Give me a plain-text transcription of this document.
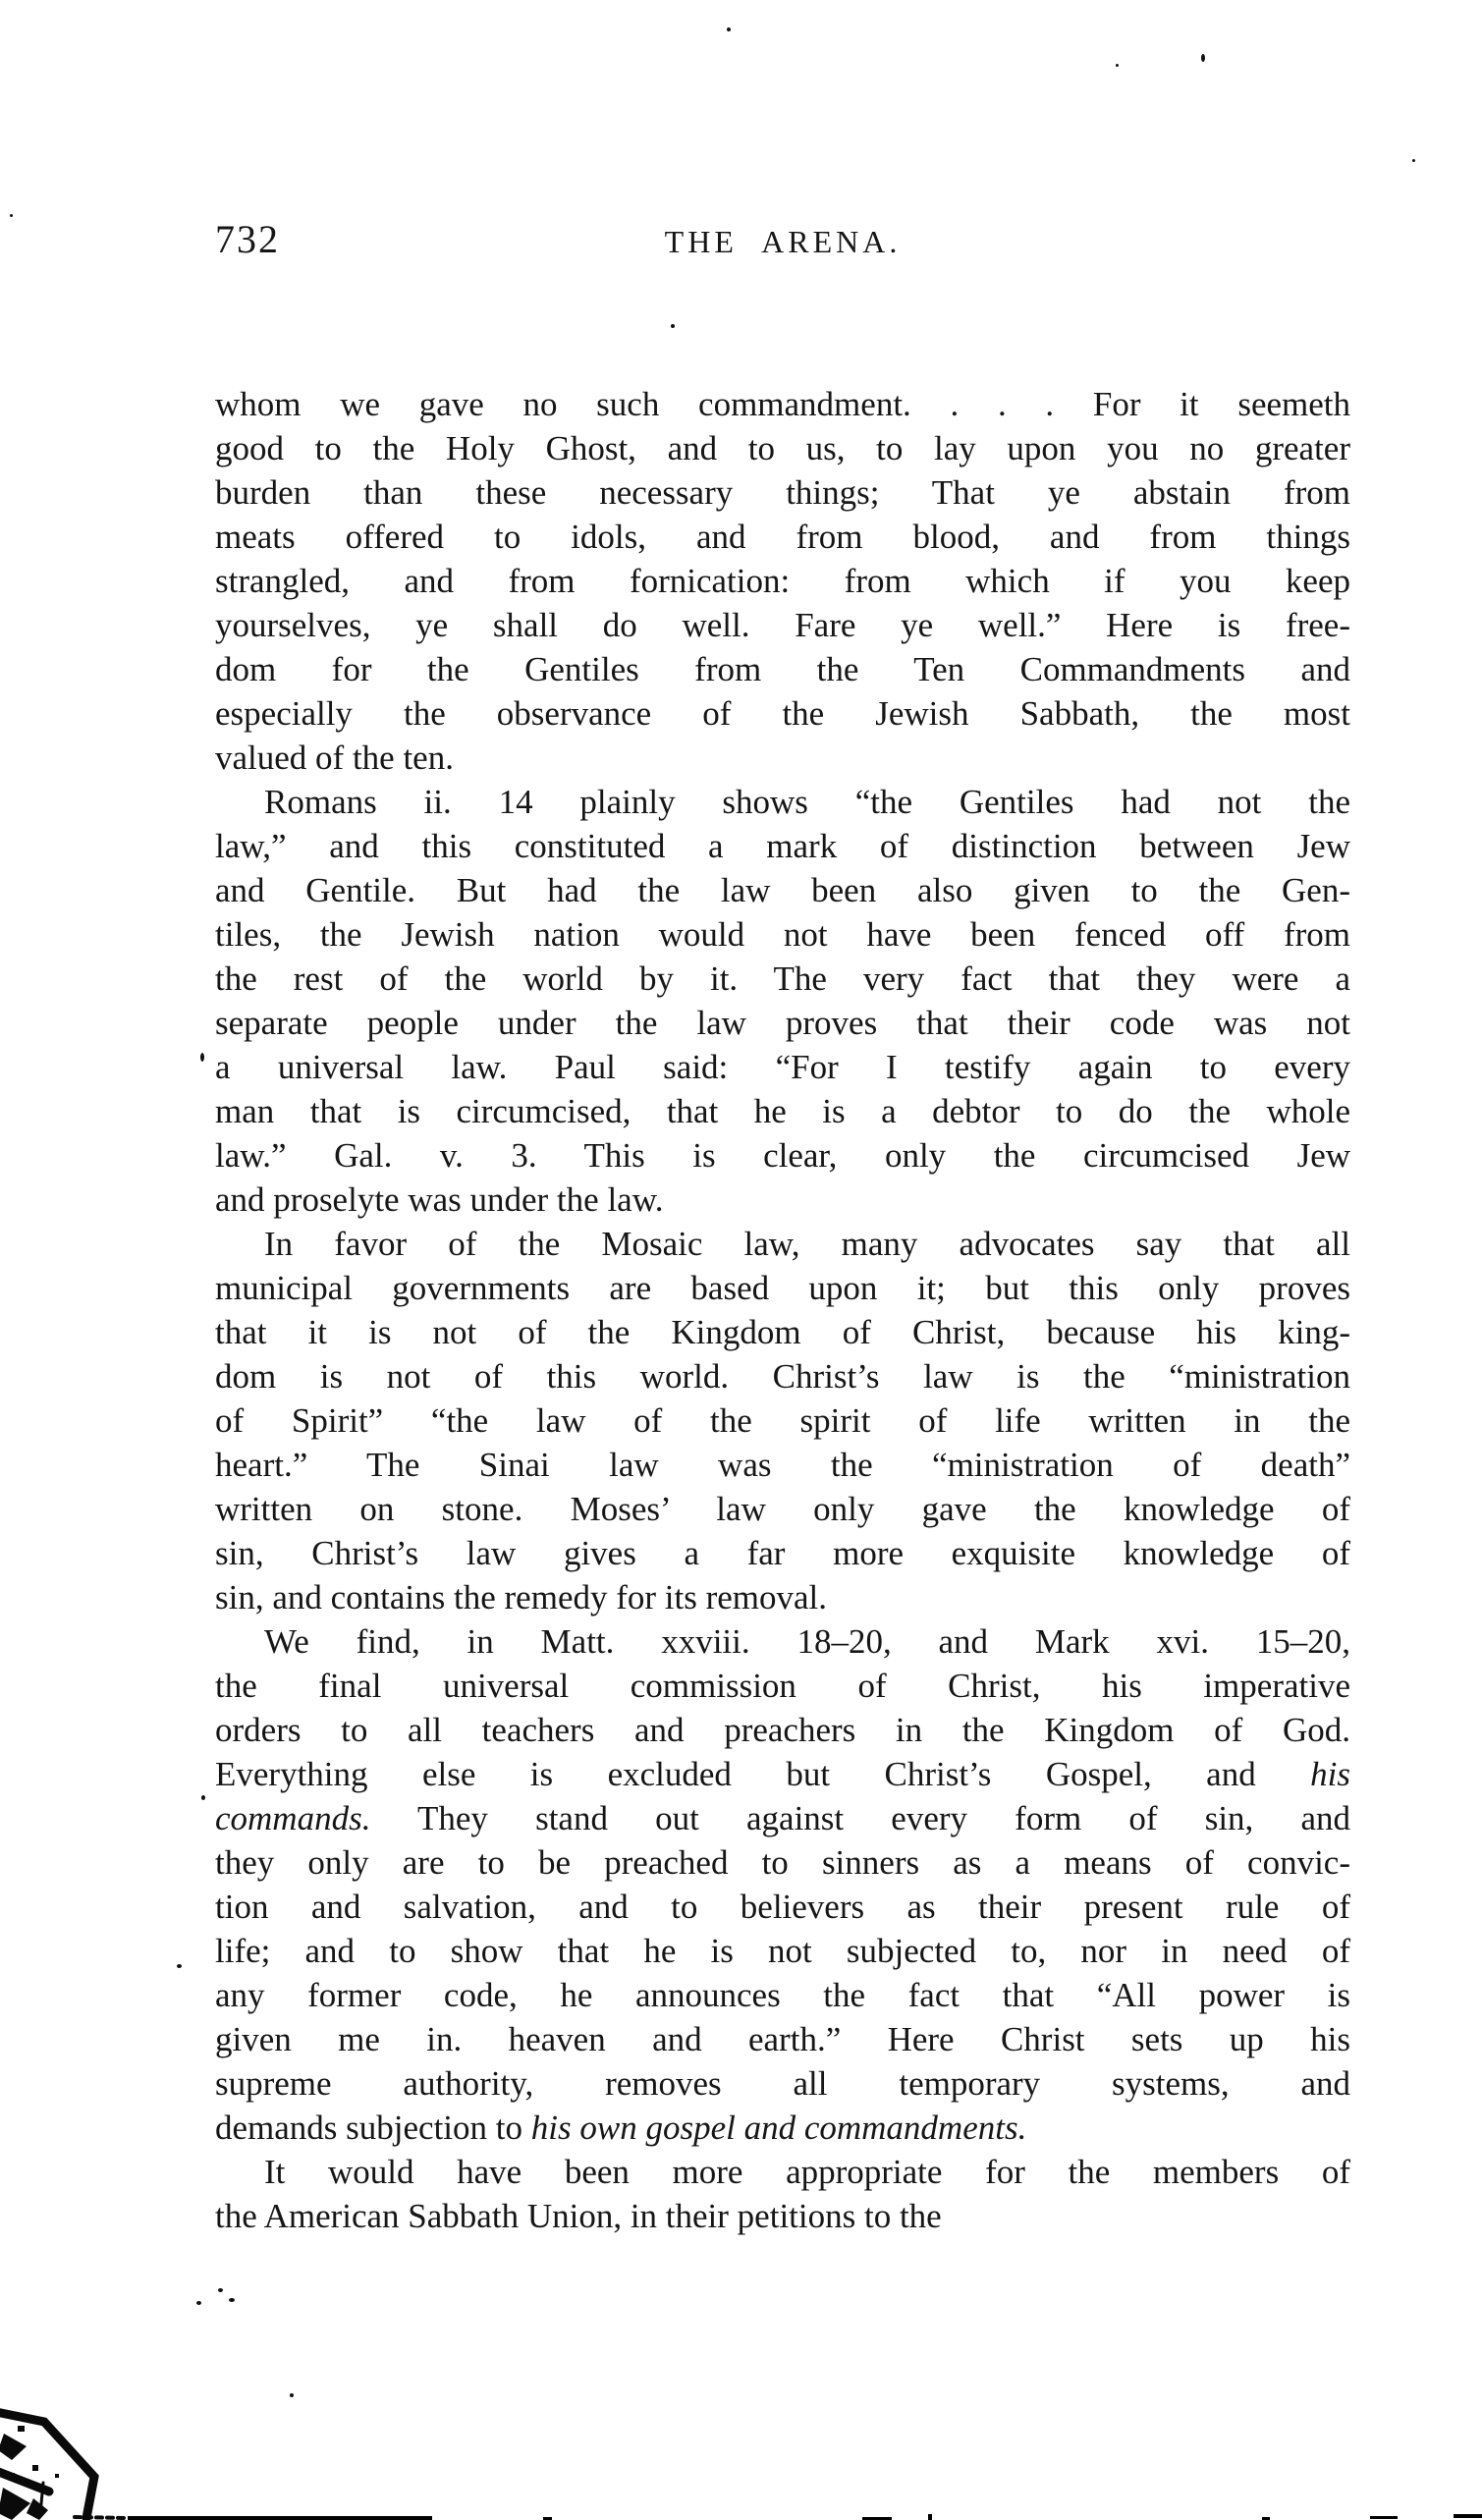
732	THE ARENA.
whom we gave no such commandment. . . . For it seemeth
good to the Holy Ghost, and to us, to lay upon you no greater
burden than these necessary things; That ye abstain from
meats offered to idols, and from blood, and from things
strangled, and from fornication: from which if you keep
yourselves, ye shall do well. Fare ye well.” Here is free-
dom for the Gentiles from the Ten Commandments and
especially the observance of the Jewish Sabbath, the most
valued of the ten.
Romans ii. 14 plainly shows “the Gentiles had not the
law,” and this constituted a mark of distinction between Jew
and Gentile. But had the law been also given to the Gen-
tiles, the Jewish nation would not have been fenced off from
the rest of the world by it. The very fact that they were a
separate people under the law proves that their code was not
a universal law. Paul said: “For I testify again to every
man that is circumcised, that he is a debtor to do the whole
law.” Gal. v. 3. This is clear, only the circumcised Jew
and proselyte was under the law.
In favor of the Mosaic law, many advocates say that all
municipal governments are based upon it; but this only proves
that it is not of the Kingdom of Christ, because his king-
dom is not of this world. Christ’s law is the “ministration
of Spirit” “the law of the spirit of life written in the
heart.” The Sinai law was the “ministration of death”
written on stone. Moses’ law only gave the knowledge of
sin, Christ’s law gives a far more exquisite knowledge of
sin, and contains the remedy for its removal.
We find, in Matt. xxviii. 18–20, and Mark xvi. 15–20,
the final universal commission of Christ, his imperative
orders to all teachers and preachers in the Kingdom of God.
Everything else is excluded but Christ’s Gospel, and his
commands. They stand out against every form of sin, and
they only are to be preached to sinners as a means of convic-
tion and salvation, and to believers as their present rule of
life; and to show that he is not subjected to, nor in need of
any former code, he announces the fact that “All power is
given me in. heaven and earth.” Here Christ sets up his
supreme authority, removes all temporary systems, and
demands subjection to his own gospel and commandments.
It would have been more appropriate for the members of
the American Sabbath Union, in their petitions to the
